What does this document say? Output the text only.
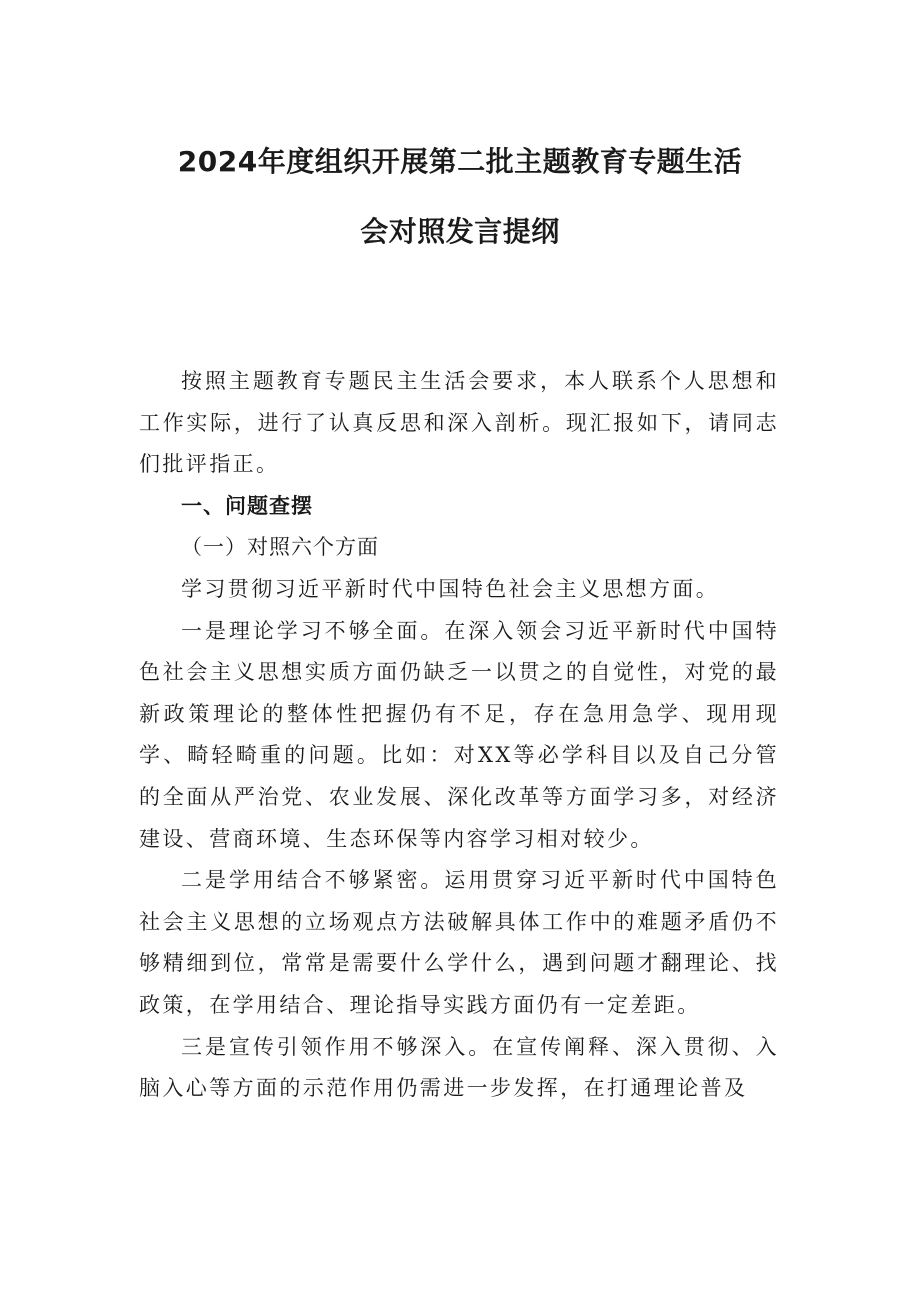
2024年度组织开展第二批主题教育专题生活
会对照发言提纲

按照主题教育专题民主生活会要求，本人联系个人思想和工作实际，进行了认真反思和深入剖析。现汇报如下，请同志们批评指正。

一、问题查摆

（一）对照六个方面

学习贯彻习近平新时代中国特色社会主义思想方面。

一是理论学习不够全面。在深入领会习近平新时代中国特色社会主义思想实质方面仍缺乏一以贯之的自觉性，对党的最新政策理论的整体性把握仍有不足，存在急用急学、现用现学、畸轻畸重的问题。比如：对XX等必学科目以及自己分管的全面从严治党、农业发展、深化改革等方面学习多，对经济建设、营商环境、生态环保等内容学习相对较少。

二是学用结合不够紧密。运用贯穿习近平新时代中国特色社会主义思想的立场观点方法破解具体工作中的难题矛盾仍不够精细到位，常常是需要什么学什么，遇到问题才翻理论、找政策，在学用结合、理论指导实践方面仍有一定差距。

三是宣传引领作用不够深入。在宣传阐释、深入贯彻、入脑入心等方面的示范作用仍需进一步发挥，在打通理论普及
